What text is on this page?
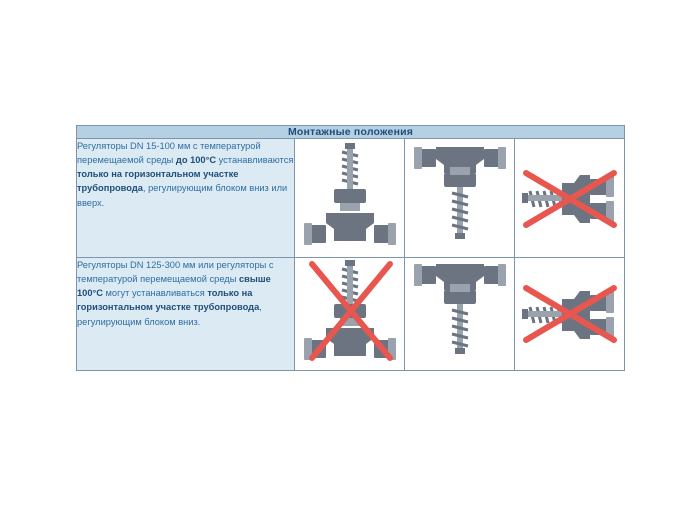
Монтажные положения			
Регуляторы DN 15-100 мм с температурой перемещаемой среды до 100°С устанавливаются только на горизонтальном участке трубопровода, регулирующим блоком вниз или вверх.	

Регуляторы DN 125-300 мм или регуляторы с температурой перемещаемой среды свыше 100°С могут устанавливаться только на горизонтальном участке трубопровода, регулирующим блоком вниз.	
